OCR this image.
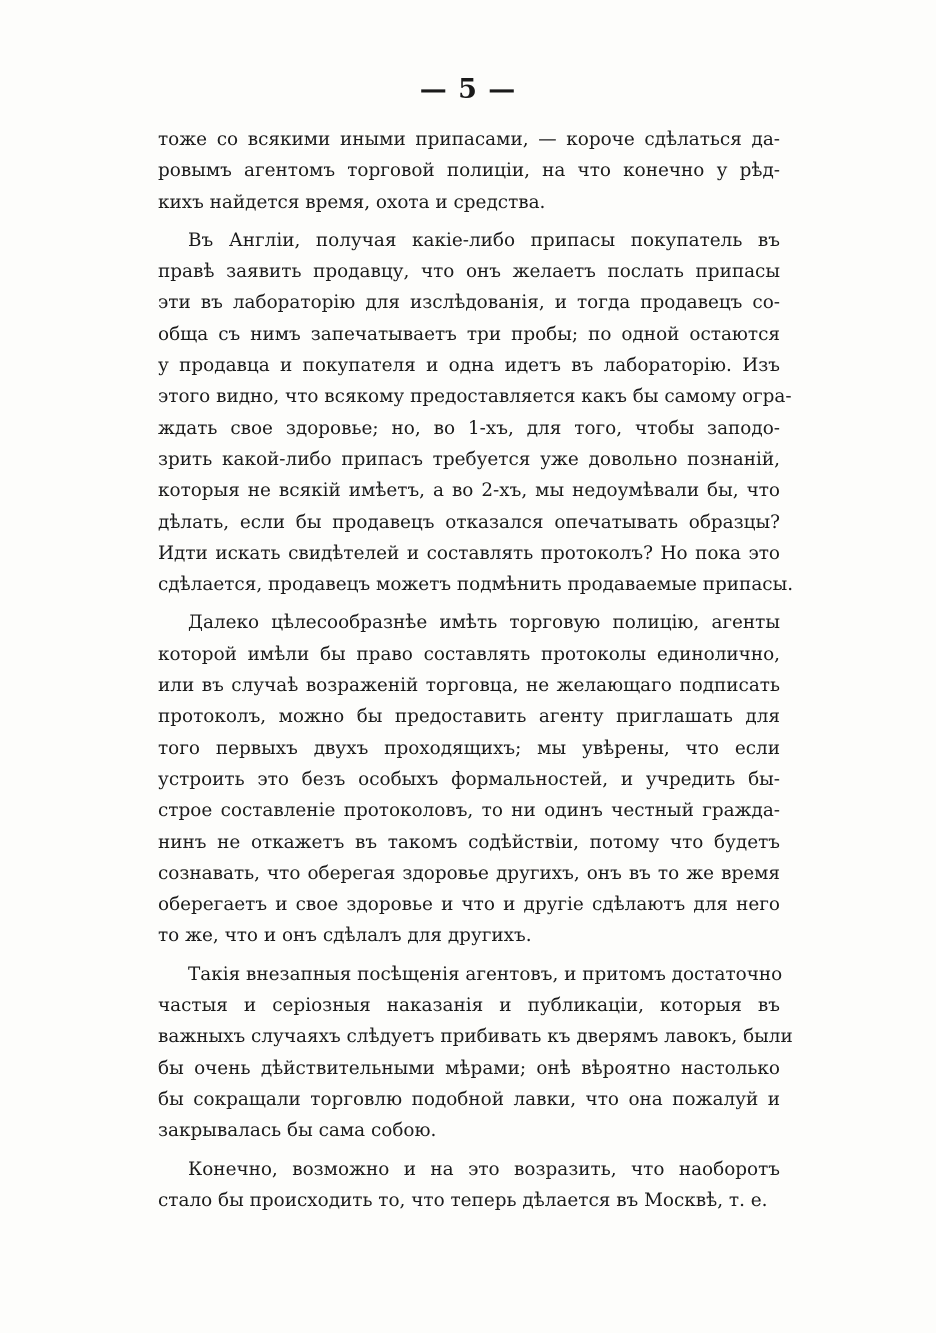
— 5 —
тоже со всякими иными припасами, — короче сдѣлаться да-
ровымъ агентомъ торговой полиціи, на что конечно у рѣд-
кихъ найдется время, охота и средства.
Въ Англіи, получая какіе-либо припасы покупатель въ
правѣ заявить продавцу, что онъ желаетъ послать припасы
эти въ лабораторію для изслѣдованія, и тогда продавецъ со-
обща съ нимъ запечатываетъ три пробы; по одной остаются
у продавца и покупателя и одна идетъ въ лабораторію. Изъ
этого видно, что всякому предоставляется какъ бы самому огра-
ждать свое здоровье; но, во 1-хъ, для того, чтобы заподо-
зрить какой-либо припасъ требуется уже довольно познаній,
которыя не всякій имѣетъ, а во 2-хъ, мы недоумѣвали бы, что
дѣлать, если бы продавецъ отказался опечатывать образцы?
Идти искать свидѣтелей и составлять протоколъ? Но пока это
сдѣлается, продавецъ можетъ подмѣнить продаваемые припасы.
Далеко цѣлесообразнѣе имѣть торговую полицію, агенты
которой имѣли бы право составлять протоколы единолично,
или въ случаѣ возраженій торговца, не желающаго подписать
протоколъ, можно бы предоставить агенту приглашать для
того первыхъ двухъ проходящихъ; мы увѣрены, что если
устроить это безъ особыхъ формальностей, и учредить бы-
строе составленіе протоколовъ, то ни одинъ честный гражда-
нинъ не откажетъ въ такомъ содѣйствіи, потому что будетъ
сознавать, что оберегая здоровье другихъ, онъ въ то же время
оберегаетъ и свое здоровье и что и другіе сдѣлаютъ для него
то же, что и онъ сдѣлалъ для другихъ.
Такія внезапныя посѣщенія агентовъ, и притомъ достаточно
частыя и серіозныя наказанія и публикаціи, которыя въ
важныхъ случаяхъ слѣдуетъ прибивать къ дверямъ лавокъ, были
бы очень дѣйствительными мѣрами; онѣ вѣроятно настолько
бы сокращали торговлю подобной лавки, что она пожалуй и
закрывалась бы сама собою.
Конечно, возможно и на это возразить, что наоборотъ
стало бы происходить то, что теперь дѣлается въ Москвѣ, т. е.
